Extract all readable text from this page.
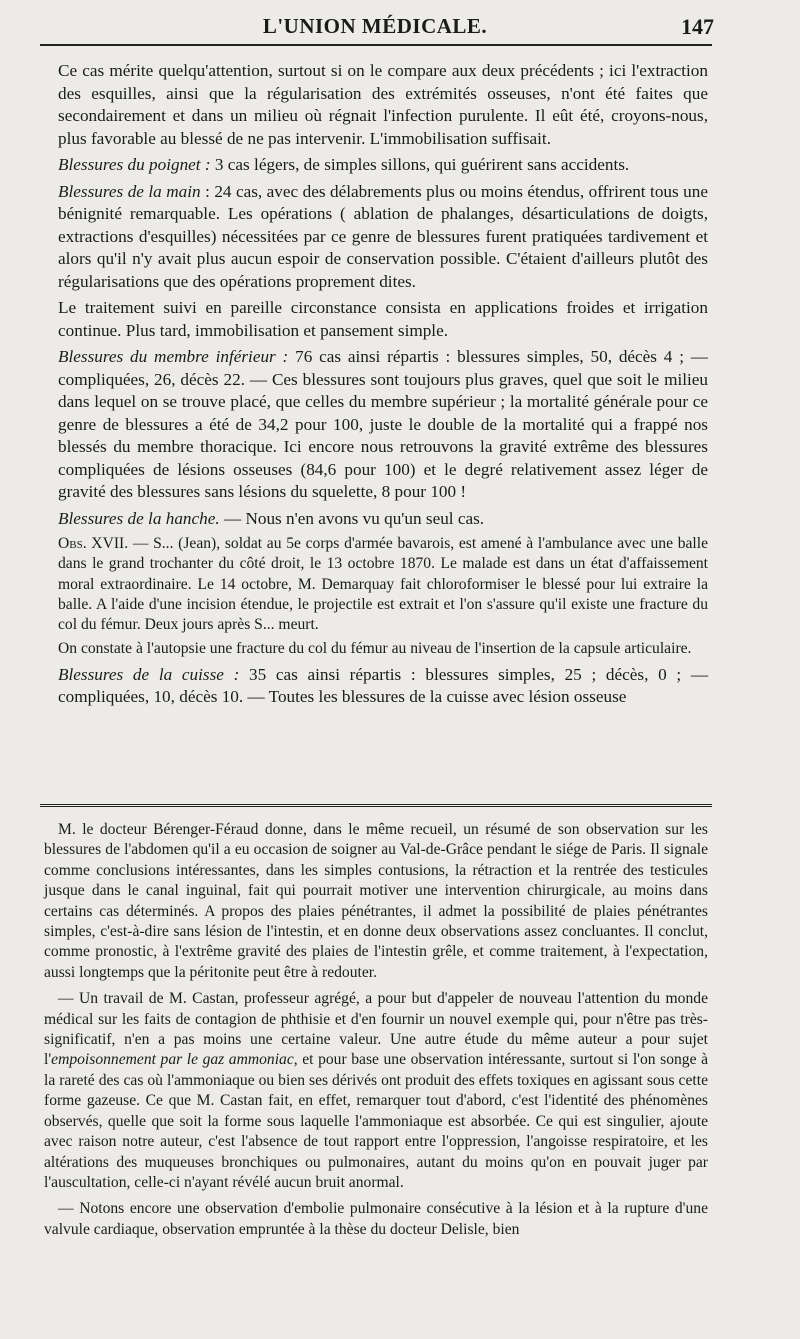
L'UNION MÉDICALE.	147

Ce cas mérite quelqu'attention, surtout si on le compare aux deux précédents ; ici l'extraction des esquilles, ainsi que la régularisation des extrémités osseuses, n'ont été faites que secondairement et dans un milieu où régnait l'infection purulente. Il eût été, croyons-nous, plus favorable au blessé de ne pas intervenir. L'immobilisation suffisait.

Blessures du poignet : 3 cas légers, de simples sillons, qui guérirent sans accidents.

Blessures de la main : 24 cas, avec des délabrements plus ou moins étendus, offrirent tous une bénignité remarquable. Les opérations ( ablation de phalanges, désarticulations de doigts, extractions d'esquilles) nécessitées par ce genre de blessures furent pratiquées tardivement et alors qu'il n'y avait plus aucun espoir de conservation possible. C'étaient d'ailleurs plutôt des régularisations que des opérations proprement dites.

Le traitement suivi en pareille circonstance consista en applications froides et irrigation continue. Plus tard, immobilisation et pansement simple.

Blessures du membre inférieur : 76 cas ainsi répartis : blessures simples, 50, décès 4 ; — compliquées, 26, décès 22. — Ces blessures sont toujours plus graves, quel que soit le milieu dans lequel on se trouve placé, que celles du membre supérieur ; la mortalité générale pour ce genre de blessures a été de 34,2 pour 100, juste le double de la mortalité qui a frappé nos blessés du membre thoracique. Ici encore nous retrouvons la gravité extrême des blessures compliquées de lésions osseuses (84,6 pour 100) et le degré relativement assez léger de gravité des blessures sans lésions du squelette, 8 pour 100 !

Blessures de la hanche. — Nous n'en avons vu qu'un seul cas.

Obs. XVII. — S... (Jean), soldat au 5e corps d'armée bavarois, est amené à l'ambulance avec une balle dans le grand trochanter du côté droit, le 13 octobre 1870. Le malade est dans un état d'affaissement moral extraordinaire. Le 14 octobre, M. Demarquay fait chloroformiser le blessé pour lui extraire la balle. A l'aide d'une incision étendue, le projectile est extrait et l'on s'assure qu'il existe une fracture du col du fémur. Deux jours après S... meurt.

On constate à l'autopsie une fracture du col du fémur au niveau de l'insertion de la capsule articulaire.

Blessures de la cuisse : 35 cas ainsi répartis : blessures simples, 25 ; décès, 0 ; — compliquées, 10, décès 10. — Toutes les blessures de la cuisse avec lésion osseuse

M. le docteur Bérenger-Féraud donne, dans le même recueil, un résumé de son observation sur les blessures de l'abdomen qu'il a eu occasion de soigner au Val-de-Grâce pendant le siége de Paris. Il signale comme conclusions intéressantes, dans les simples contusions, la rétraction et la rentrée des testicules jusque dans le canal inguinal, fait qui pourrait motiver une intervention chirurgicale, au moins dans certains cas déterminés. A propos des plaies pénétrantes, il admet la possibilité de plaies pénétrantes simples, c'est-à-dire sans lésion de l'intestin, et en donne deux observations assez concluantes. Il conclut, comme pronostic, à l'extrême gravité des plaies de l'intestin grêle, et comme traitement, à l'expectation, aussi longtemps que la péritonite peut être à redouter.

— Un travail de M. Castan, professeur agrégé, a pour but d'appeler de nouveau l'attention du monde médical sur les faits de contagion de phthisie et d'en fournir un nouvel exemple qui, pour n'être pas très-significatif, n'en a pas moins une certaine valeur. Une autre étude du même auteur a pour sujet l'empoisonnement par le gaz ammoniac, et pour base une observation intéressante, surtout si l'on songe à la rareté des cas où l'ammoniaque ou bien ses dérivés ont produit des effets toxiques en agissant sous cette forme gazeuse. Ce que M. Castan fait, en effet, remarquer tout d'abord, c'est l'identité des phénomènes observés, quelle que soit la forme sous laquelle l'ammoniaque est absorbée. Ce qui est singulier, ajoute avec raison notre auteur, c'est l'absence de tout rapport entre l'oppression, l'angoisse respiratoire, et les altérations des muqueuses bronchiques ou pulmonaires, autant du moins qu'on en pouvait juger par l'auscultation, celle-ci n'ayant révélé aucun bruit anormal.

— Notons encore une observation d'embolie pulmonaire consécutive à la lésion et à la rupture d'une valvule cardiaque, observation empruntée à la thèse du docteur Delisle, bien
